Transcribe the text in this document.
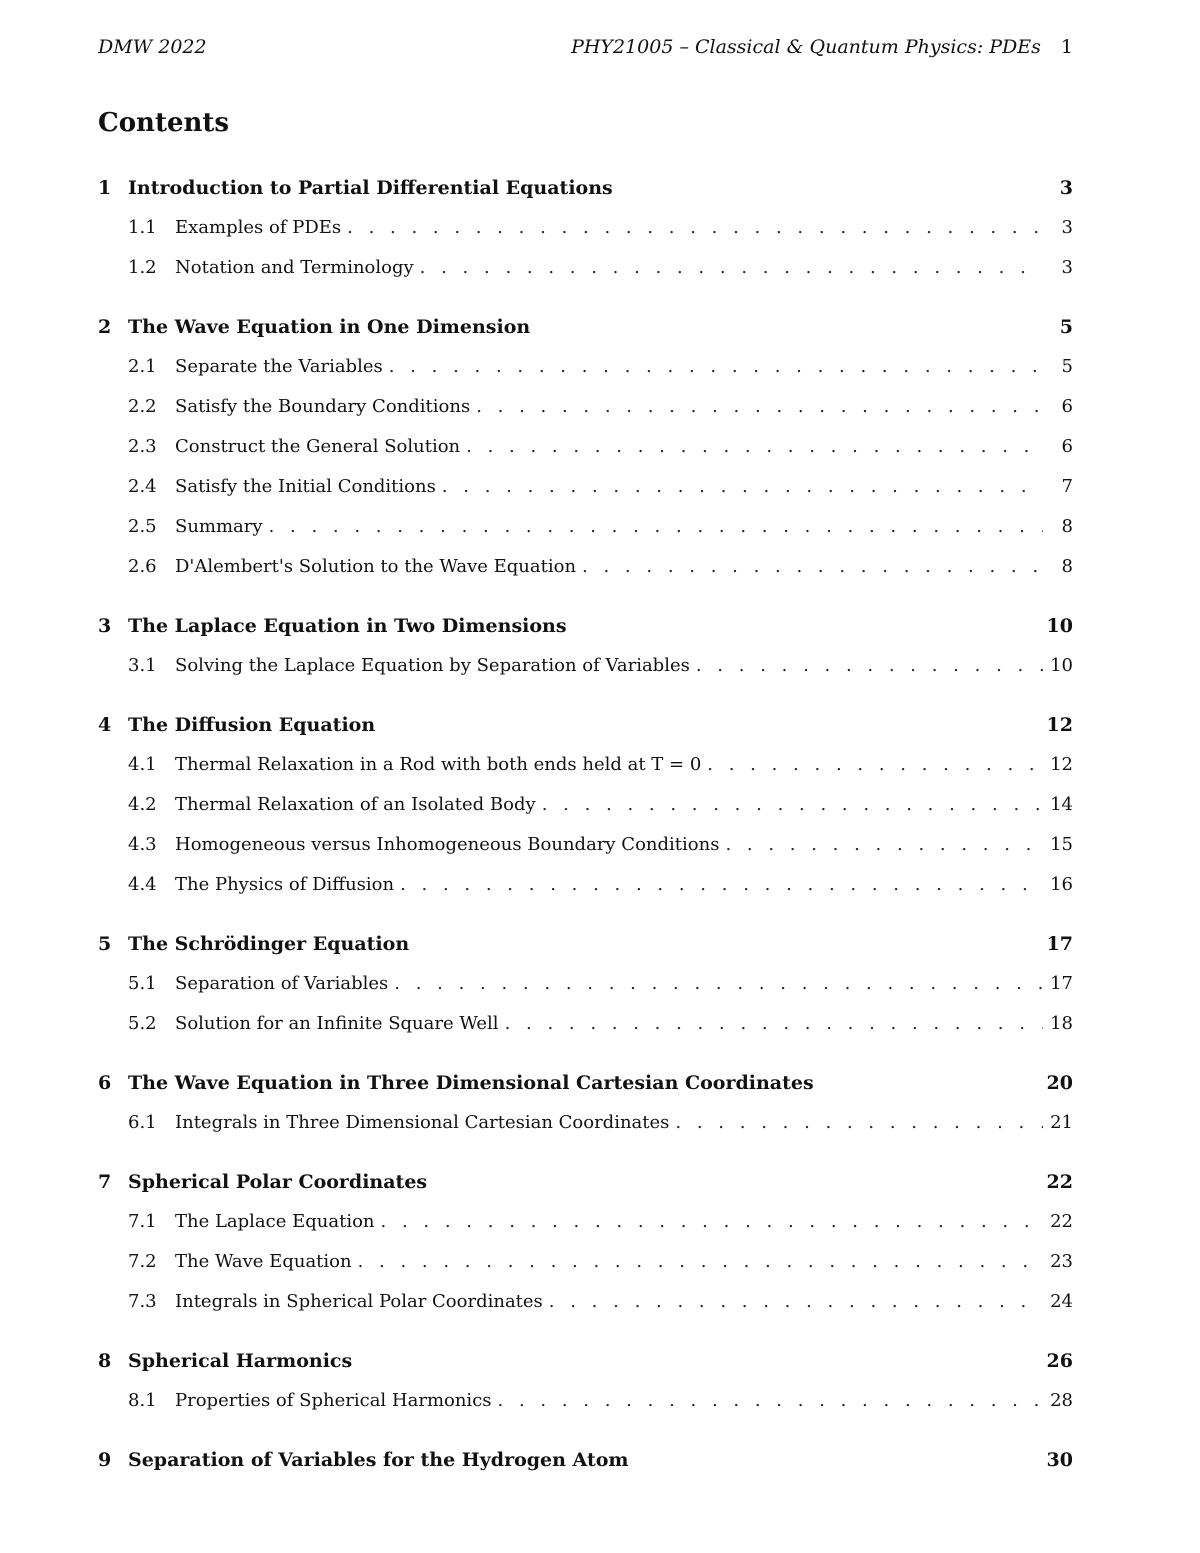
DMW 2022	PHY21005 – Classical & Quantum Physics: PDEs 1
Contents
1 Introduction to Partial Differential Equations	3
1.1	Examples of PDEs . . .	3
1.2	Notation and Terminology . . .	3
2 The Wave Equation in One Dimension	5
2.1	Separate the Variables . . .	5
2.2	Satisfy the Boundary Conditions . . .	6
2.3	Construct the General Solution . . .	6
2.4	Satisfy the Initial Conditions . . .	7
2.5	Summary . . .	8
2.6	D'Alembert's Solution to the Wave Equation . . .	8
3 The Laplace Equation in Two Dimensions	10
3.1	Solving the Laplace Equation by Separation of Variables . . .	10
4 The Diffusion Equation	12
4.1	Thermal Relaxation in a Rod with both ends held at T = 0 . . .	12
4.2	Thermal Relaxation of an Isolated Body . . .	14
4.3	Homogeneous versus Inhomogeneous Boundary Conditions . . .	15
4.4	The Physics of Diffusion . . .	16
5 The Schrödinger Equation	17
5.1	Separation of Variables . . .	17
5.2	Solution for an Infinite Square Well . . .	18
6 The Wave Equation in Three Dimensional Cartesian Coordinates	20
6.1	Integrals in Three Dimensional Cartesian Coordinates . . .	21
7 Spherical Polar Coordinates	22
7.1	The Laplace Equation . . .	22
7.2	The Wave Equation . . .	23
7.3	Integrals in Spherical Polar Coordinates . . .	24
8 Spherical Harmonics	26
8.1	Properties of Spherical Harmonics . . .	28
9 Separation of Variables for the Hydrogen Atom	30
